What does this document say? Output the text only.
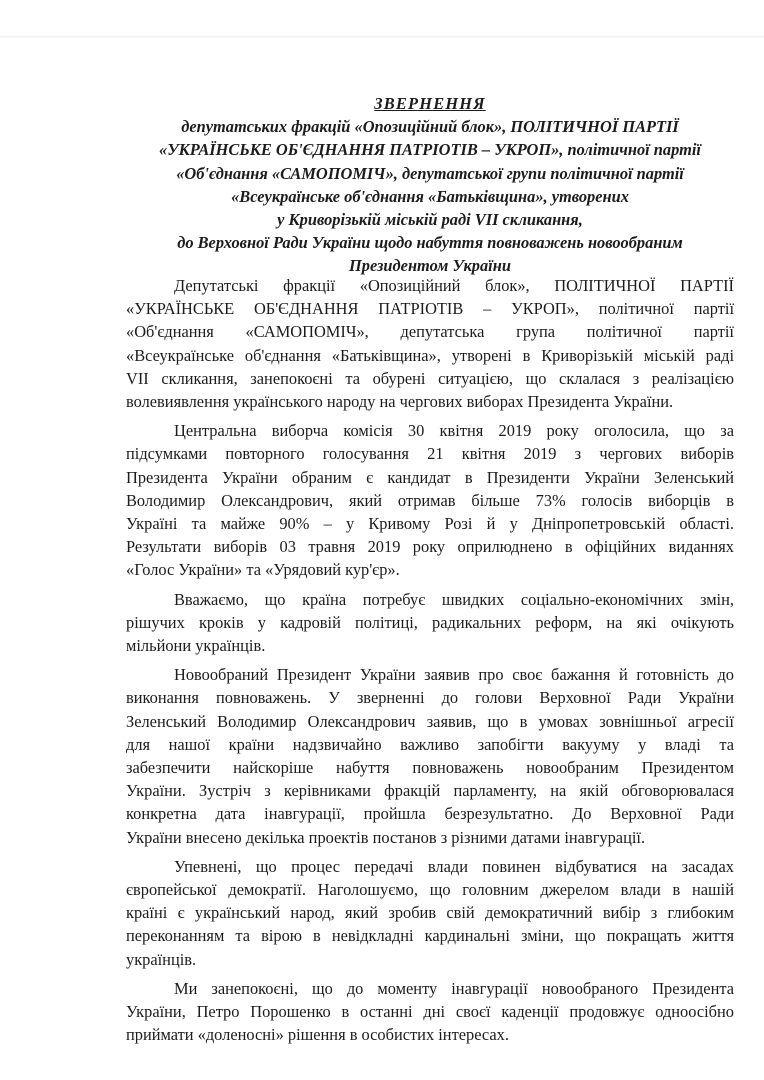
ЗВЕРНЕННЯ
депутатських фракцій «Опозиційний блок», ПОЛІТИЧНОЇ ПАРТІЇ
«УКРАЇНСЬКЕ ОБ'ЄДНАННЯ ПАТРІОТІВ – УКРОП», політичної партії
«Об'єднання «САМОПОМІЧ», депутатської групи політичної партії
«Всеукраїнське об'єднання «Батьківщина», утворених
у Криворізькій міській раді VII скликання,
до Верховної Ради України щодо набуття повноважень новообраним
Президентом України
Депутатські фракції «Опозиційний блок», ПОЛІТИЧНОЇ ПАРТІЇ
«УКРАЇНСЬКЕ ОБ'ЄДНАННЯ ПАТРІОТІВ – УКРОП», політичної партії
«Об'єднання «САМОПОМІЧ», депутатська група політичної партії
«Всеукраїнське об'єднання «Батьківщина», утворені в Криворізькій міській раді
VII скликання, занепокоєні та обурені ситуацією, що склалася з реалізацією
волевиявлення українського народу на чергових виборах Президента України.
Центральна виборча комісія 30 квітня 2019 року оголосила, що за
підсумками повторного голосування 21 квітня 2019 з чергових виборів
Президента України обраним є кандидат в Президенти України Зеленський
Володимир Олександрович, який отримав більше 73% голосів виборців в
Україні та майже 90% – у Кривому Розі й у Дніпропетровській області.
Результати виборів 03 травня 2019 року оприлюднено в офіційних виданнях
«Голос України» та «Урядовий кур'єр».
Вважаємо, що країна потребує швидких соціально-економічних змін,
рішучих кроків у кадровій політиці, радикальних реформ, на які очікують
мільйони українців.
Новообраний Президент України заявив про своє бажання й готовність до
виконання повноважень. У зверненні до голови Верховної Ради України
Зеленський Володимир Олександрович заявив, що в умовах зовнішньої агресії
для нашої країни надзвичайно важливо запобігти вакууму у владі та
забезпечити найскоріше набуття повноважень новообраним Президентом
України. Зустріч з керівниками фракцій парламенту, на якій обговорювалася
конкретна дата інавгурації, пройшла безрезультатно. До Верховної Ради
України внесено декілька проектів постанов з різними датами інавгурації.
Упевнені, що процес передачі влади повинен відбуватися на засадах
європейської демократії. Наголошуємо, що головним джерелом влади в нашій
країні є український народ, який зробив свій демократичний вибір з глибоким
переконанням та вірою в невідкладні кардинальні зміни, що покращать життя
українців.
Ми занепокоєні, що до моменту інавгурації новообраного Президента
України, Петро Порошенко в останні дні своєї каденції продовжує одноосібно
приймати «доленосні» рішення в особистих інтересах.
